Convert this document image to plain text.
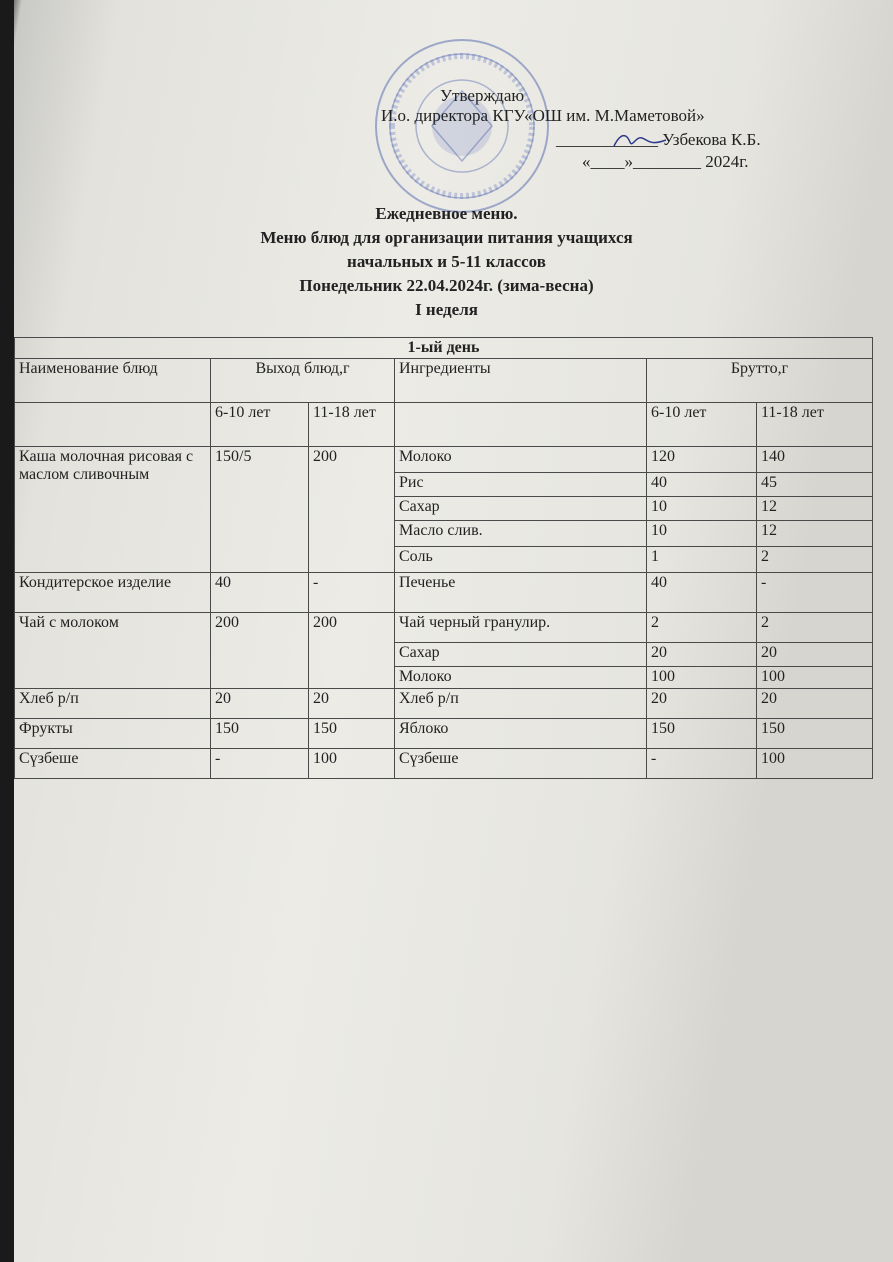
Утверждаю
И.о. директора КГУ«ОШ им. М.Маметовой»
____________ Узбекова К.Б.
«____»________ 2024г.
Ежедневное меню.
Меню блюд для организации питания учащихся
начальных и 5-11 классов
Понедельник 22.04.2024г. (зима-весна)
I неделя
1-ый день					
Наименование блюд	Выход блюд,г		Ингредиенты	Брутто,г	
	6-10 лет	11-18 лет		6-10 лет	11-18 лет
Каша молочная рисовая с маслом сливочным	150/5	200	Молоко	120	140
			Рис	40	45
			Сахар	10	12
			Масло слив.	10	12
			Соль	1	2
Кондитерское изделие	40	-	Печенье	40	-
Чай с молоком	200	200	Чай черный гранулир.	2	2
			Сахар	20	20
			Молоко	100	100
Хлеб р/п	20	20	Хлеб р/п	20	20
Фрукты	150	150	Яблоко	150	150
Сүзбеше	-	100	Сүзбеше	-	100
